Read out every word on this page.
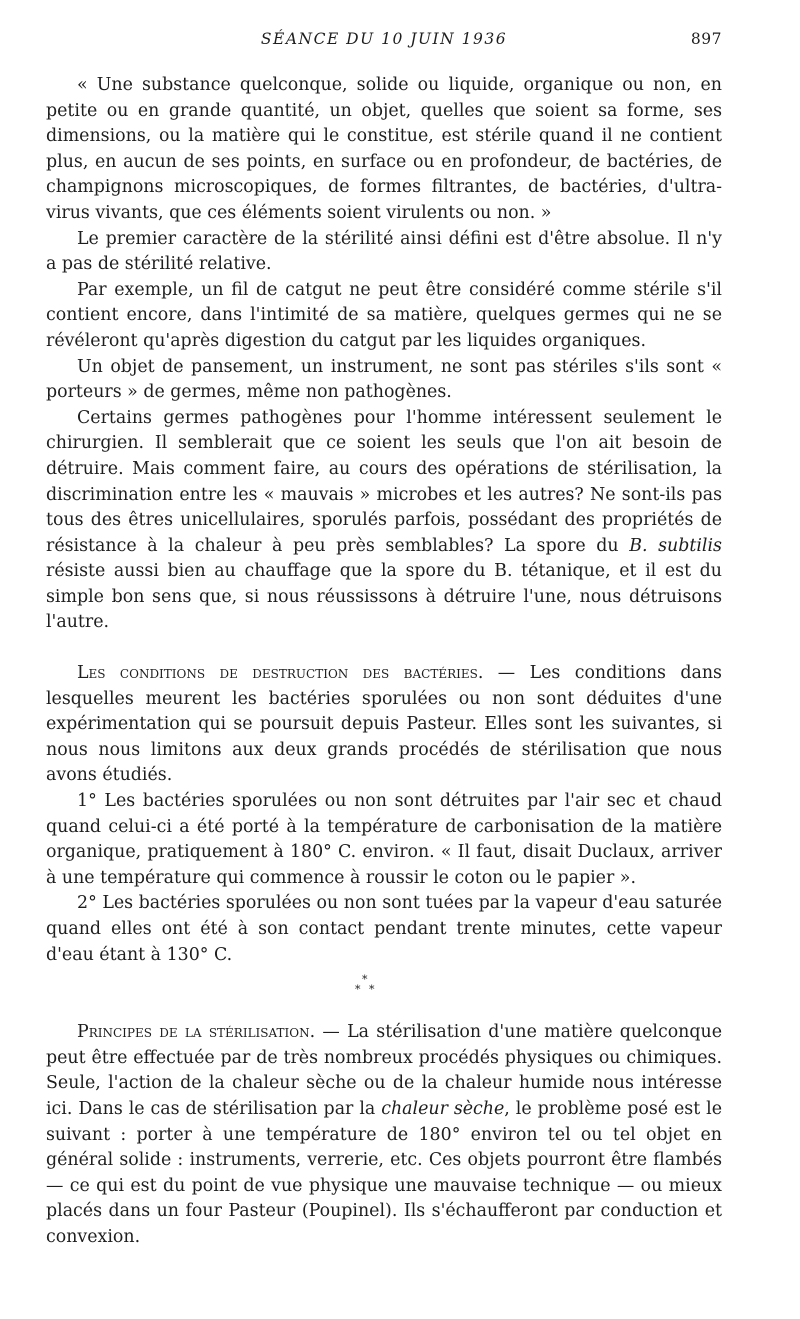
SÉANCE DU 10 JUIN 1936	897

« Une substance quelconque, solide ou liquide, organique ou non, en petite ou en grande quantité, un objet, quelles que soient sa forme, ses dimensions, ou la matière qui le constitue, est stérile quand il ne contient plus, en aucun de ses points, en surface ou en profondeur, de bactéries, de champignons microscopiques, de formes filtrantes, de bactéries, d'ultra-virus vivants, que ces éléments soient virulents ou non. »

Le premier caractère de la stérilité ainsi défini est d'être absolue. Il n'y a pas de stérilité relative.

Par exemple, un fil de catgut ne peut être considéré comme stérile s'il contient encore, dans l'intimité de sa matière, quelques germes qui ne se révéleront qu'après digestion du catgut par les liquides organiques.

Un objet de pansement, un instrument, ne sont pas stériles s'ils sont « porteurs » de germes, même non pathogènes.

Certains germes pathogènes pour l'homme intéressent seulement le chirurgien. Il semblerait que ce soient les seuls que l'on ait besoin de détruire. Mais comment faire, au cours des opérations de stérilisation, la discrimination entre les « mauvais » microbes et les autres? Ne sont-ils pas tous des êtres unicellulaires, sporulés parfois, possédant des propriétés de résistance à la chaleur à peu près semblables? La spore du B. subtilis résiste aussi bien au chauffage que la spore du B. tétanique, et il est du simple bon sens que, si nous réussissons à détruire l'une, nous détruisons l'autre.

Les conditions de destruction des bactéries. — Les conditions dans lesquelles meurent les bactéries sporulées ou non sont déduites d'une expérimentation qui se poursuit depuis Pasteur. Elles sont les suivantes, si nous nous limitons aux deux grands procédés de stérilisation que nous avons étudiés.

1° Les bactéries sporulées ou non sont détruites par l'air sec et chaud quand celui-ci a été porté à la température de carbonisation de la matière organique, pratiquement à 180° C. environ. « Il faut, disait Duclaux, arriver à une température qui commence à roussir le coton ou le papier ».

2° Les bactéries sporulées ou non sont tuées par la vapeur d'eau saturée quand elles ont été à son contact pendant trente minutes, cette vapeur d'eau étant à 130° C.

*
* *

Principes de la stérilisation. — La stérilisation d'une matière quelconque peut être effectuée par de très nombreux procédés physiques ou chimiques. Seule, l'action de la chaleur sèche ou de la chaleur humide nous intéresse ici. Dans le cas de stérilisation par la chaleur sèche, le problème posé est le suivant : porter à une température de 180° environ tel ou tel objet en général solide : instruments, verrerie, etc. Ces objets pourront être flambés — ce qui est du point de vue physique une mauvaise technique — ou mieux placés dans un four Pasteur (Poupinel). Ils s'échaufferont par conduction et convexion.
